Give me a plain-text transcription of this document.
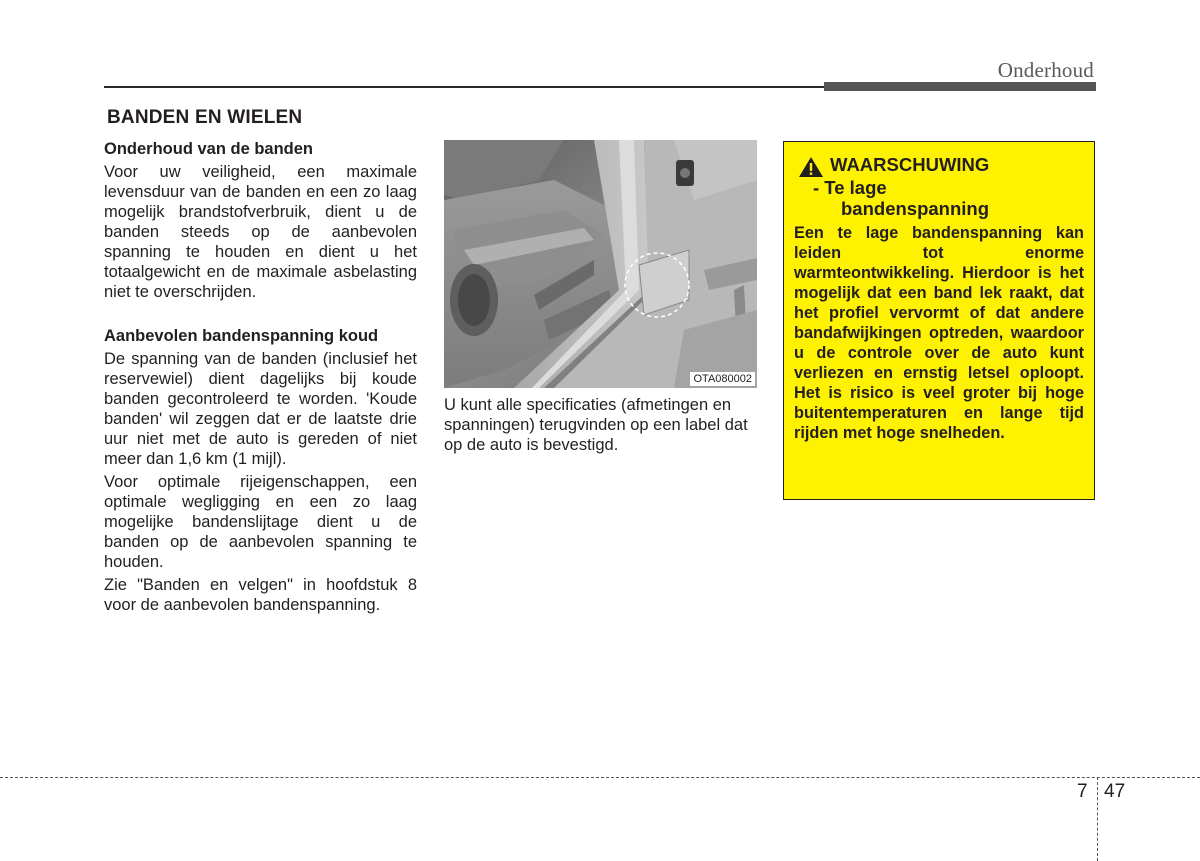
Onderhoud
BANDEN EN WIELEN
Onderhoud van de banden

Voor uw veiligheid, een maximale levensduur van de banden en een zo laag mogelijk brandstofverbruik, dient u de banden steeds op de aanbevolen spanning te houden en dient u het totaalgewicht en de maximale asbelasting niet te overschrijden.

Aanbevolen bandenspanning koud

De spanning van de banden (inclusief het reservewiel) dient dagelijks bij koude banden gecontroleerd te worden. 'Koude banden' wil zeggen dat er de laatste drie uur niet met de auto is gereden of niet meer dan 1,6 km (1 mijl).

Voor optimale rijeigenschappen, een optimale wegligging en een zo laag mogelijke bandenslijtage dient u de banden op de aanbevolen spanning te houden.

Zie "Banden en velgen" in hoofdstuk 8 voor de aanbevolen bandenspanning.

OTA080002
U kunt alle specificaties (afmetingen en spanningen) terugvinden op een label dat op de auto is bevestigd.
WAARSCHUWING
- Te lage
bandenspanning
Een te lage bandenspanning kan leiden tot enorme warmteontwikkeling. Hierdoor is het mogelijk dat een band lek raakt, dat het profiel vervormt of dat andere bandafwijkingen optreden, waardoor u de controle over de auto kunt verliezen en ernstig letsel oploopt. Het is risico is veel groter bij hoge buitentemperaturen en lange tijd rijden met hoge snelheden.
7 47
